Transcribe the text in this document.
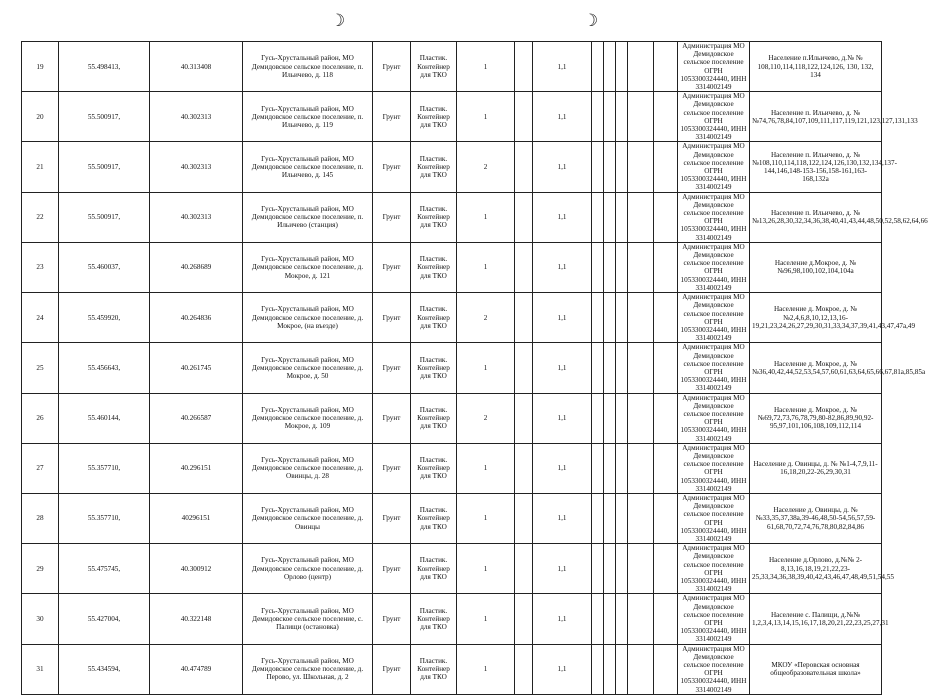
☽	☽
19	55.498413,	40.313408	Гусь-Хрустальный район, МО Демидовское сельское поселение, п. Ильичево, д. 118	Грунт	Пластик. Контейнер для ТКО	1		1,1						Администрация МО Демидовское сельское поселение ОГРН 1053300324440, ИНН 3314002149	Население п.Ильичево, д.№ № 108,110,114,118,122,124,126, 130, 132, 134
20	55.500917,	40.302313	Гусь-Хрустальный район, МО Демидовское сельское поселение, п. Ильичево, д. 119	Грунт	Пластик. Контейнер для ТКО	1		1,1						Администрация МО Демидовское сельское поселение ОГРН 1053300324440, ИНН 3314002149	Население п. Ильичево, д. № №74,76,78,84,107,109,111,117,119,121,123,127,131,133
21	55.500917,	40.302313	Гусь-Хрустальный район, МО Демидовское сельское поселение, п. Ильичево, д. 145	Грунт	Пластик. Контейнер для ТКО	2		1,1						Администрация МО Демидовское сельское поселение ОГРН 1053300324440, ИНН 3314002149	Население п. Ильичево, д. № №108,110,114,118,122,124,126,130,132,134,137-144,146,148-153-156,158-161,163-168,132а
22	55.500917,	40.302313	Гусь-Хрустальный район, МО Демидовское сельское поселение, п. Ильичево (станция)	Грунт	Пластик. Контейнер для ТКО	1		1,1						Администрация МО Демидовское сельское поселение ОГРН 1053300324440, ИНН 3314002149	Население п. Ильичево, д. № №13,26,28,30,32,34,36,38,40,41,43,44,48,50,52,58,62,64,66
23	55.460037,	40.268689	Гусь-Хрустальный район, МО Демидовское сельское поселение, д. Мокрое, д. 121	Грунт	Пластик. Контейнер для ТКО	1		1,1						Администрация МО Демидовское сельское поселение ОГРН 1053300324440, ИНН 3314002149	Население д.Мокрое, д. № №96,98,100,102,104,104а
24	55.459920,	40.264836	Гусь-Хрустальный район, МО Демидовское сельское поселение, д. Мокрое, (на въезде)	Грунт	Пластик. Контейнер для ТКО	2		1,1						Администрация МО Демидовское сельское поселение ОГРН 1053300324440, ИНН 3314002149	Население д. Мокрое, д. № №2,4,6,8,10,12,13,16-19,21,23,24,26,27,29,30,31,33,34,37,39,41,43,47,47а,49
25	55.456643,	40.261745	Гусь-Хрустальный район, МО Демидовское сельское поселение, д. Мокрое, д. 50	Грунт	Пластик. Контейнер для ТКО	1		1,1						Администрация МО Демидовское сельское поселение ОГРН 1053300324440, ИНН 3314002149	Население д. Мокрое, д. № №36,40,42,44,52,53,54,57,60,61,63,64,65,66,67,81а,85,85а
26	55.460144,	40.266587	Гусь-Хрустальный район, МО Демидовское сельское поселение, д. Мокрое, д. 109	Грунт	Пластик. Контейнер для ТКО	2		1,1						Администрация МО Демидовское сельское поселение ОГРН 1053300324440, ИНН 3314002149	Население д. Мокрое, д. № №69,72,73,76,78,79,80-82,86,89,90,92-95,97,101,106,108,109,112,114
27	55.357710,	40.296151	Гусь-Хрустальный район, МО Демидовское сельское поселение, д. Овинцы, д. 28	Грунт	Пластик. Контейнер для ТКО	1		1,1						Администрация МО Демидовское сельское поселение ОГРН 1053300324440, ИНН 3314002149	Население д. Овинцы, д. № №1-4,7,9,11-16,18,20,22-26,29,30,31
28	55.357710,	40296151	Гусь-Хрустальный район, МО Демидовское сельское поселение, д. Овинцы	Грунт	Пластик. Контейнер для ТКО	1		1,1						Администрация МО Демидовское сельское поселение ОГРН 1053300324440, ИНН 3314002149	Население д. Овинцы, д. № №33,35,37,38а,39-46,48,50-54,56,57,59-61,68,70,72,74,76,78,80,82,84,86
29	55.475745,	40.300912	Гусь-Хрустальный район, МО Демидовское сельское поселение, д. Орлово (центр)	Грунт	Пластик. Контейнер для ТКО	1		1,1						Администрация МО Демидовское сельское поселение ОГРН 1053300324440, ИНН 3314002149	Население д.Орлово, д.№№ 2-8,13,16,18,19,21,22,23-25,33,34,36,38,39,40,42,43,46,47,48,49,51,54,55
30	55.427004,	40.322148	Гусь-Хрустальный район, МО Демидовское сельское поселение, с. Палищи (остановка)	Грунт	Пластик. Контейнер для ТКО	1		1,1						Администрация МО Демидовское сельское поселение ОГРН 1053300324440, ИНН 3314002149	Население с. Палищи, д.№№ 1,2,3,4,13,14,15,16,17,18,20,21,22,23,25,27,31
31	55.434594,	40.474789	Гусь-Хрустальный район, МО Демидовское сельское поселение, д. Перово, ул. Школьная, д. 2	Грунт	Пластик. Контейнер для ТКО	1		1,1						Администрация МО Демидовское сельское поселение ОГРН 1053300324440, ИНН 3314002149	МКОУ «Перовская основная общеобразовательная школа»
